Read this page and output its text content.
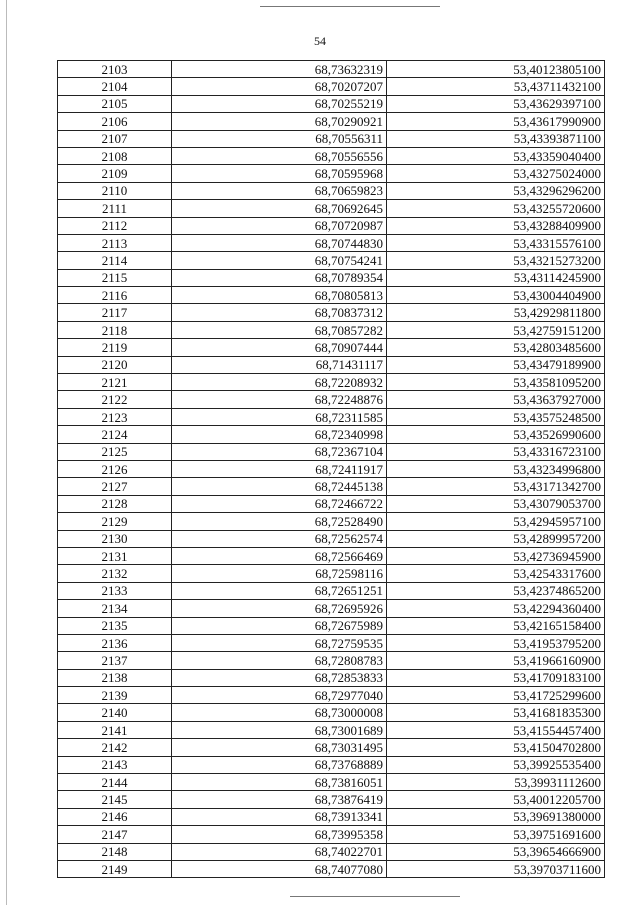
54
2103	68,73632319	53,40123805100
2104	68,70207207	53,43711432100
2105	68,70255219	53,43629397100
2106	68,70290921	53,43617990900
2107	68,70556311	53,43393871100
2108	68,70556556	53,43359040400
2109	68,70595968	53,43275024000
2110	68,70659823	53,43296296200
2111	68,70692645	53,43255720600
2112	68,70720987	53,43288409900
2113	68,70744830	53,43315576100
2114	68,70754241	53,43215273200
2115	68,70789354	53,43114245900
2116	68,70805813	53,43004404900
2117	68,70837312	53,42929811800
2118	68,70857282	53,42759151200
2119	68,70907444	53,42803485600
2120	68,71431117	53,43479189900
2121	68,72208932	53,43581095200
2122	68,72248876	53,43637927000
2123	68,72311585	53,43575248500
2124	68,72340998	53,43526990600
2125	68,72367104	53,43316723100
2126	68,72411917	53,43234996800
2127	68,72445138	53,43171342700
2128	68,72466722	53,43079053700
2129	68,72528490	53,42945957100
2130	68,72562574	53,42899957200
2131	68,72566469	53,42736945900
2132	68,72598116	53,42543317600
2133	68,72651251	53,42374865200
2134	68,72695926	53,42294360400
2135	68,72675989	53,42165158400
2136	68,72759535	53,41953795200
2137	68,72808783	53,41966160900
2138	68,72853833	53,41709183100
2139	68,72977040	53,41725299600
2140	68,73000008	53,41681835300
2141	68,73001689	53,41554457400
2142	68,73031495	53,41504702800
2143	68,73768889	53,39925535400
2144	68,73816051	53,39931112600
2145	68,73876419	53,40012205700
2146	68,73913341	53,39691380000
2147	68,73995358	53,39751691600
2148	68,74022701	53,39654666900
2149	68,74077080	53,39703711600
